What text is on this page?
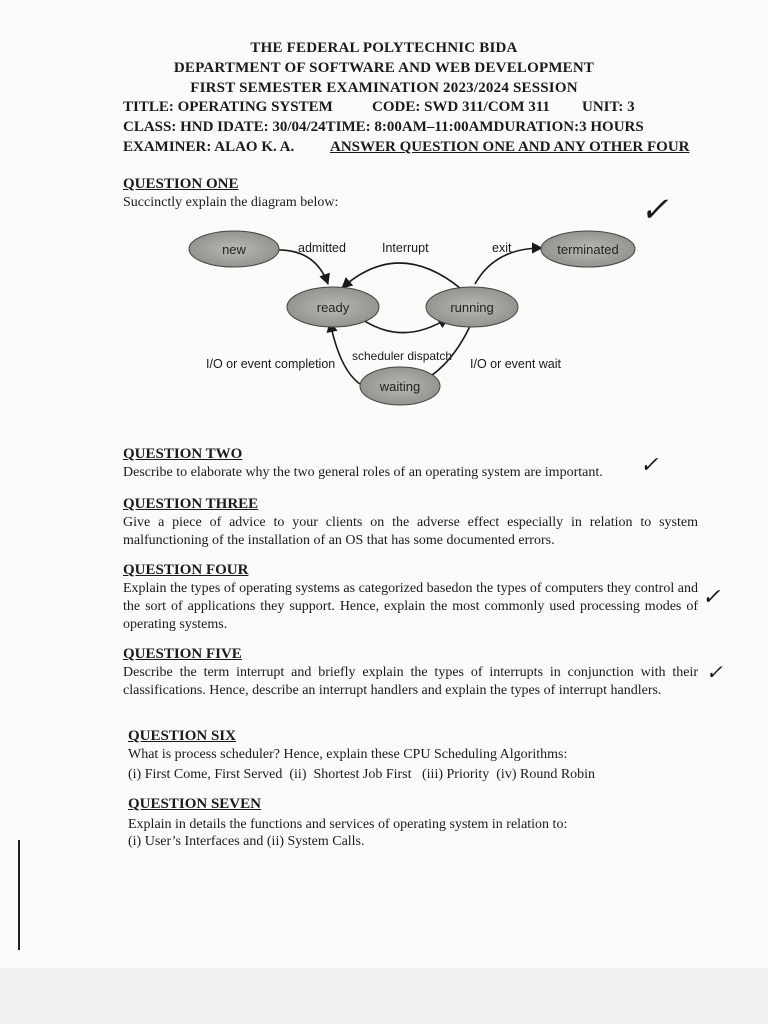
THE FEDERAL POLYTECHNIC BIDA
DEPARTMENT OF SOFTWARE AND WEB DEVELOPMENT
FIRST SEMESTER EXAMINATION 2023/2024 SESSION
TITLE: OPERATING SYSTEM	CODE: SWD 311/COM 311 UNIT: 3
CLASS: HND IDATE: 30/04/24TIME: 8:00AM–11:00AMDURATION:3 HOURS
EXAMINER: ALAO K. A. ANSWER QUESTION ONE AND ANY OTHER FOUR
QUESTION ONE
Succinctly explain the diagram below:	✓
new
ready	running
terminated
waiting
admitted	Interrupt	exit
scheduler dispatch
I/O or event completion	I/O or event wait
QUESTION TWO
Describe to elaborate why the two general roles of an operating system are important.	✓
QUESTION THREE
Give a piece of advice to your clients on the adverse effect especially in relation to system malfunctioning of the installation of an OS that has some documented errors.
QUESTION FOUR
Explain the types of operating systems as categorized basedon the types of computers they control and the sort of applications they support. Hence, explain the most commonly used processing modes of operating systems.
✓
QUESTION FIVE
Describe the term interrupt and briefly explain the types of interrupts in conjunction with their classifications. Hence, describe an interrupt handlers and explain the types of interrupt handlers.
✓
QUESTION SIX
What is process scheduler? Hence, explain these CPU Scheduling Algorithms:
(i) First Come, First Served  (ii)  Shortest Job First   (iii) Priority  (iv) Round Robin
QUESTION SEVEN
Explain in details the functions and services of operating system in relation to:
(i) User’s Interfaces and (ii) System Calls.
